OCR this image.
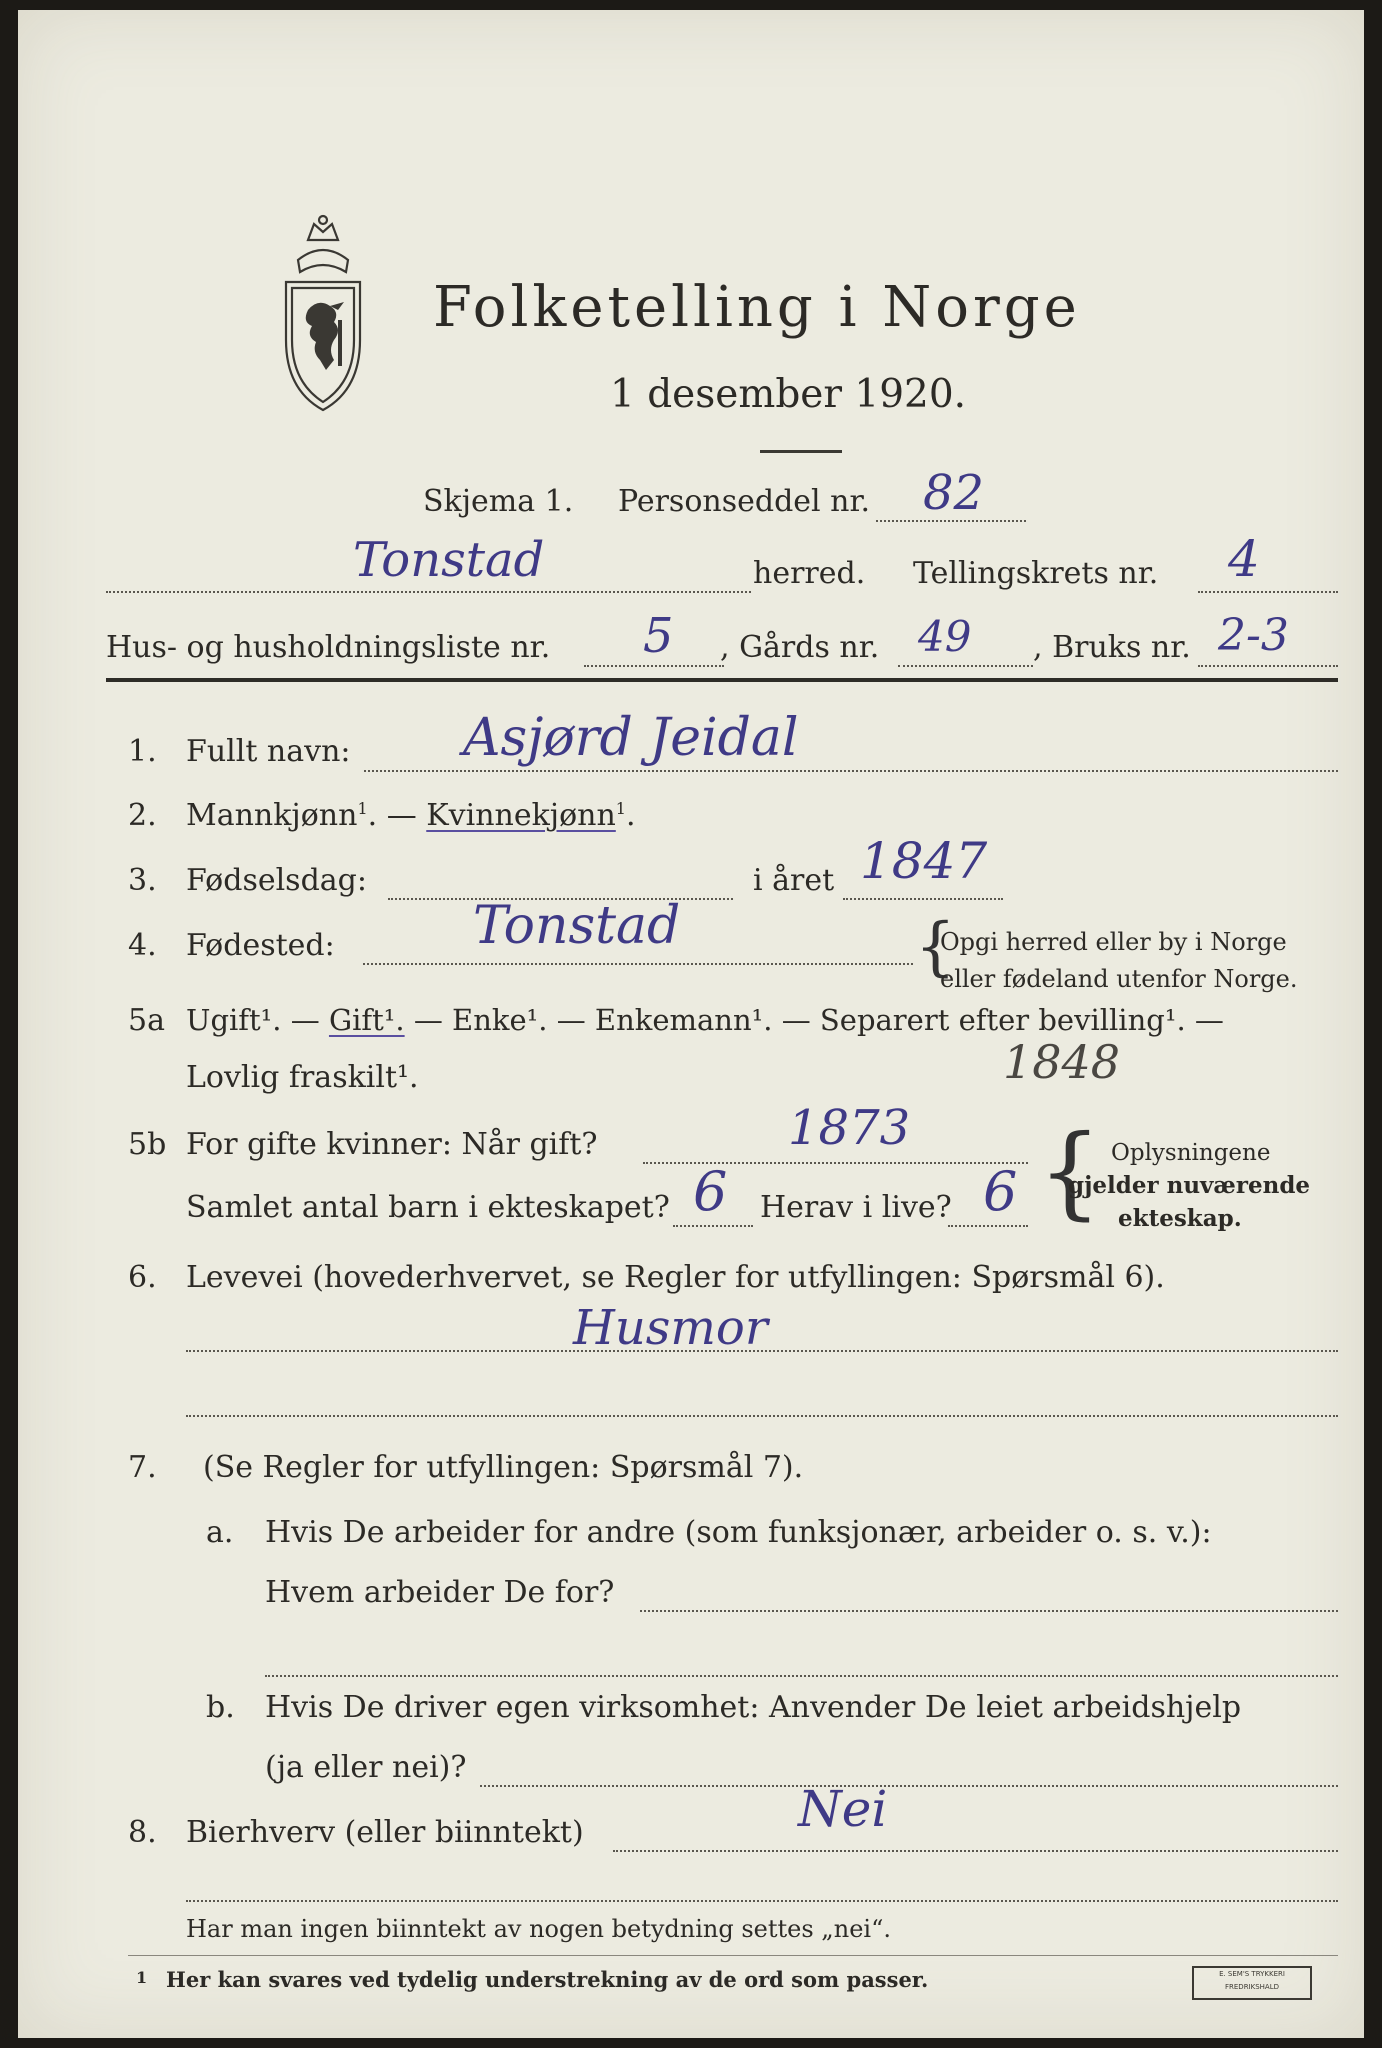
Folketelling i Norge
1 desember 1920.
Skjema 1. Personseddel nr. 82
Tonstad	herred. Tellingskrets nr. 4
Hus- og husholdningsliste nr. 5 , Gårds nr. 49 , Bruks nr. 2-3
1. Fullt navn: Asjørd Jeidal
2. Mannkjønn$^1$. — Kvinnekjønn$^1$.
3. Fødselsdag:	i året 1847
4. Fødested:	Tonstad	{
Opgi herred eller by i Norge
eller fødeland utenfor Norge.
5a Ugift¹. — Gift¹. — Enke¹. — Enkemann¹. — Separert efter bevilling¹. —
Lovlig fraskilt¹.	1848
5b For gifte kvinner: Når gift?	1873
Samlet antal barn i ekteskapet? 6 Herav i live? 6 { Oplysningene
gjelder nuværende
ekteskap.
6. Levevei (hovederhvervet, se Regler for utfyllingen: Spørsmål 6).
Husmor
7. (Se Regler for utfyllingen: Spørsmål 7).
a. Hvis De arbeider for andre (som funksjonær, arbeider o. s. v.):
Hvem arbeider De for?
b. Hvis De driver egen virksomhet: Anvender De leiet arbeidshjelp
(ja eller nei)?
8. Bierhverv (eller biinntekt)	Nei
Har man ingen biinntekt av nogen betydning settes „nei“.
1 Her kan svares ved tydelig understrekning av de ord som passer.	E. SEM'S TRYKKERI
FREDRIKSHALD
